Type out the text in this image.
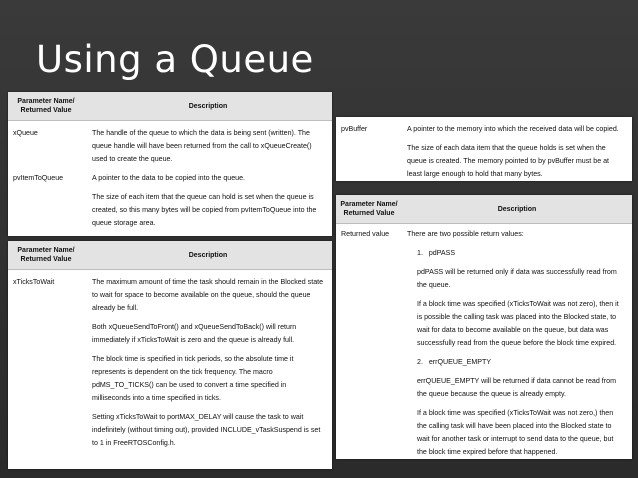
Using a Queue
Parameter Name/ Returned Value
Description
xQueue	The handle of the queue to which the data is being sent (written). The queue handle will have been returned from the call to xQueueCreate() used to create the queue.

pvItemToQueue	A pointer to the data to be copied into the queue.

The size of each item that the queue can hold is set when the queue is created, so this many bytes will be copied from pvItemToQueue into the queue storage area.

Parameter Name/ Returned Value
Description
xTicksToWait	The maximum amount of time the task should remain in the Blocked state to wait for space to become available on the queue, should the queue already be full.

Both xQueueSendToFront() and xQueueSendToBack() will return immediately if xTicksToWait is zero and the queue is already full.

The block time is specified in tick periods, so the absolute time it represents is dependent on the tick frequency. The macro pdMS_TO_TICKS() can be used to convert a time specified in milliseconds into a time specified in ticks.

Setting xTicksToWait to portMAX_DELAY will cause the task to wait indefinitely (without timing out), provided INCLUDE_vTaskSuspend is set to 1 in FreeRTOSConfig.h.

pvBuffer	A pointer to the memory into which the received data will be copied.

The size of each data item that the queue holds is set when the queue is created. The memory pointed to by pvBuffer must be at least large enough to hold that many bytes.

Parameter Name/ Returned Value
Description
Returned value	There are two possible return values:

1.   pdPASS

pdPASS will be returned only if data was successfully read from the queue.

If a block time was specified (xTicksToWait was not zero), then it is possible the calling task was placed into the Blocked state, to wait for data to become available on the queue, but data was successfully read from the queue before the block time expired.

2.   errQUEUE_EMPTY

errQUEUE_EMPTY will be returned if data cannot be read from the queue because the queue is already empty.

If a block time was specified (xTicksToWait was not zero,) then the calling task will have been placed into the Blocked state to wait for another task or interrupt to send data to the queue, but the block time expired before that happened.
